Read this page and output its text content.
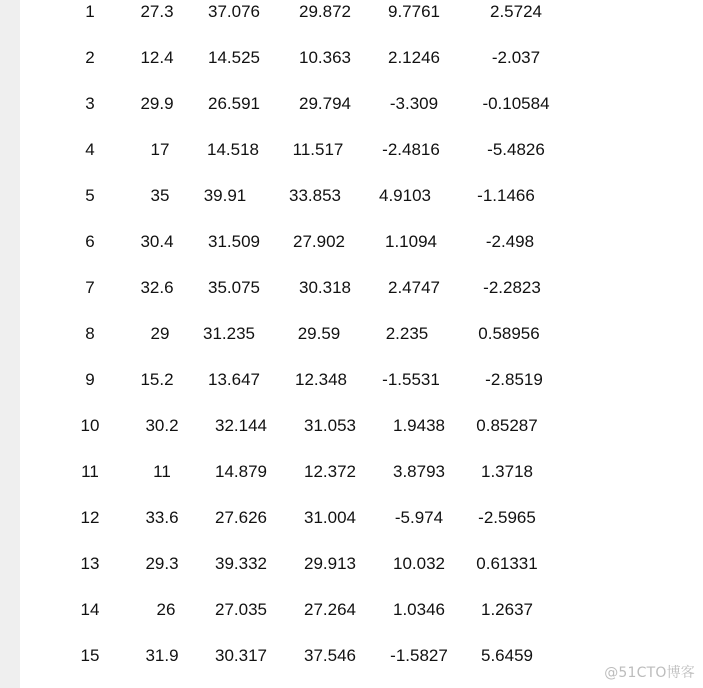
1	27.3 37.076 29.872 9.7761	2.5724
2	12.4 14.525 10.363 2.1246	-2.037
3	29.9 26.591 29.794 -3.309	-0.10584
4	17 14.518 11.517 -2.4816	-5.4826
5	35 39.91	33.853 4.9103	-1.1466
6	30.4 31.509 27.902 1.1094	-2.498
7	32.6 35.075 30.318 2.4747	-2.2823
8	29 31.235	29.59	2.235	0.58956
9	15.2 13.647 12.348 -1.5531	-2.8519
10	30.2 32.144 31.053 1.9438 0.85287
11	11	14.879 12.372 3.8793 1.3718
12	33.6 27.626 31.004 -5.974 -2.5965
13	29.3 39.332 29.913 10.032 0.61331
14	26 27.035 27.264 1.0346 1.2637
15	31.9 30.317 37.546 -1.5827 5.6459
@51CTO博客
